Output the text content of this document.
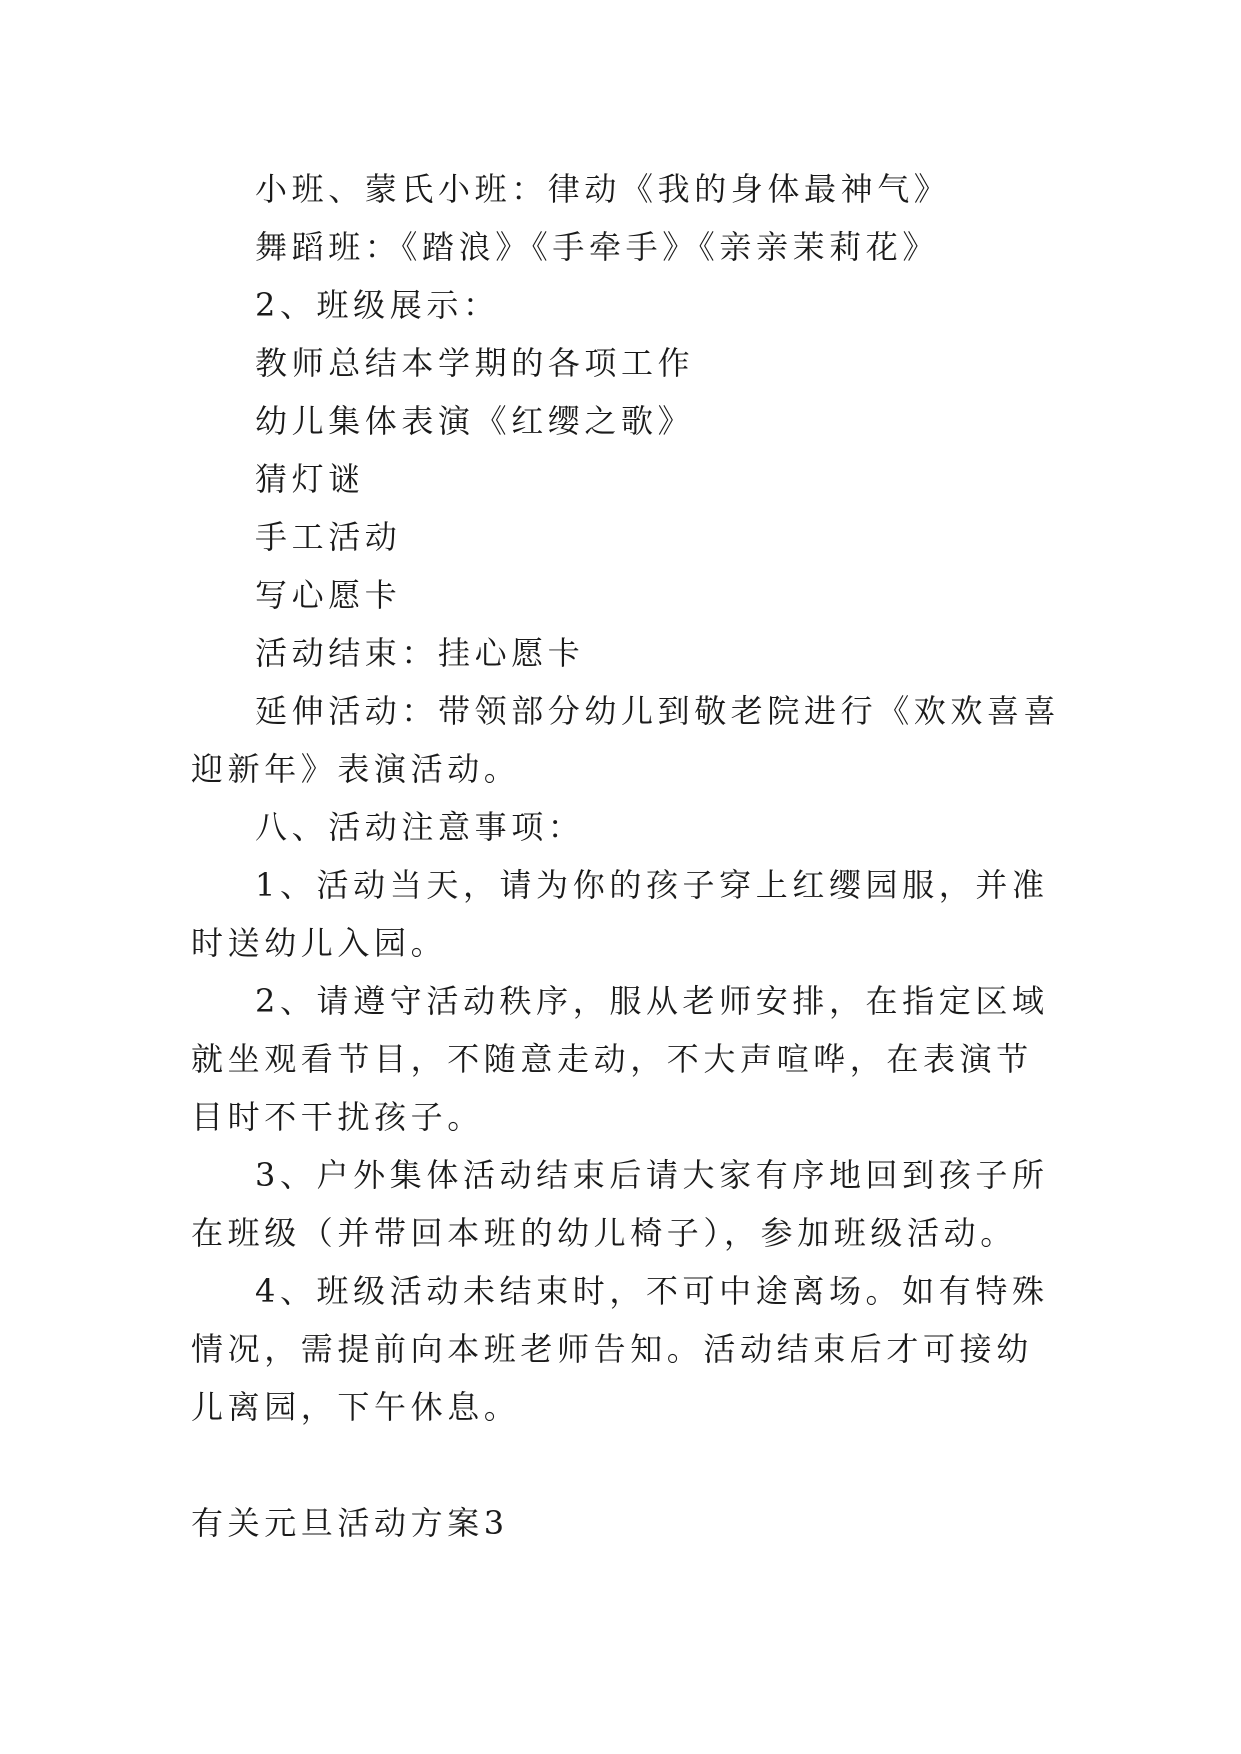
小班、蒙氏小班：律动《我的身体最神气》

舞蹈班：《踏浪》《手牵手》《亲亲茉莉花》

2、班级展示：

教师总结本学期的各项工作

幼儿集体表演《红缨之歌》

猜灯谜

手工活动

写心愿卡

活动结束：挂心愿卡

延伸活动：带领部分幼儿到敬老院进行《欢欢喜喜迎新年》表演活动。

八、活动注意事项：

1、活动当天，请为你的孩子穿上红缨园服，并准时送幼儿入园。

2、请遵守活动秩序，服从老师安排，在指定区域就坐观看节目，不随意走动，不大声喧哗，在表演节目时不干扰孩子。

3、户外集体活动结束后请大家有序地回到孩子所在班级（并带回本班的幼儿椅子），参加班级活动。

4、班级活动未结束时，不可中途离场。如有特殊情况，需提前向本班老师告知。活动结束后才可接幼儿离园，下午休息。

有关元旦活动方案3
